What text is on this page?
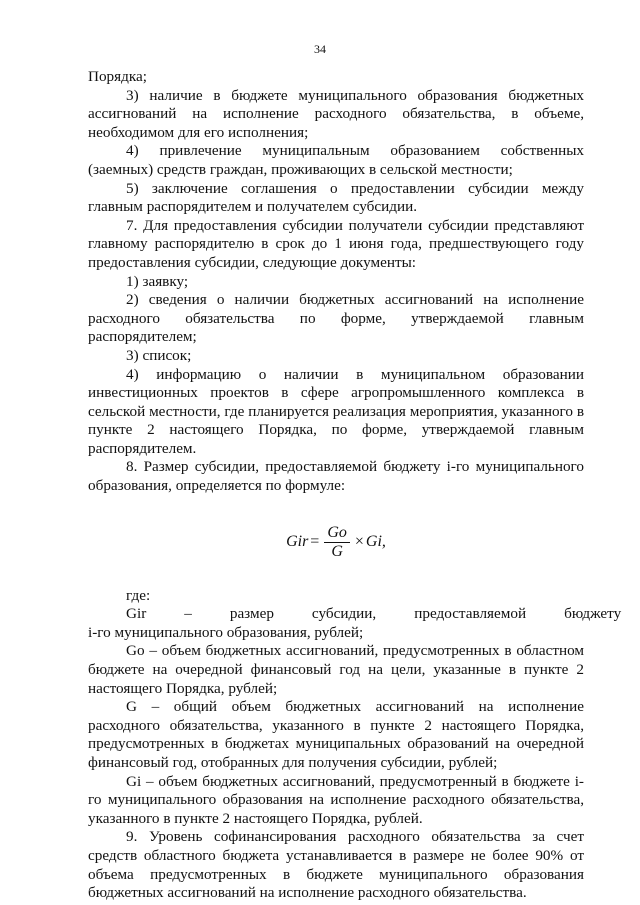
34

Порядка;

3) наличие в бюджете муниципального образования бюджетных ассигнований на исполнение расходного обязательства, в объеме, необходимом для его исполнения;

4) привлечение муниципальным образованием собственных (заемных) средств граждан, проживающих в сельской местности;

5) заключение соглашения о предоставлении субсидии между главным распорядителем и получателем субсидии.

7. Для предоставления субсидии получатели субсидии представляют главному распорядителю в срок до 1 июня года, предшествующего году предоставления субсидии, следующие документы:

1) заявку;

2) сведения о наличии бюджетных ассигнований на исполнение расходного обязательства по форме, утверждаемой главным распорядителем;

3) список;

4) информацию о наличии в муниципальном образовании инвестиционных проектов в сфере агропромышленного комплекса в сельской местности, где планируется реализация мероприятия, указанного в пункте 2 настоящего Порядка, по форме, утверждаемой главным распорядителем.

8. Размер субсидии, предоставляемой бюджету i-го муниципального образования, определяется по формуле:

Gir = $\frac{Go}{G} \times Gi$,

где:

Gir	–	размер	субсидии,	предоставляемой	бюджету

i-го муниципального образования, рублей;

Go – объем бюджетных ассигнований, предусмотренных в областном бюджете на очередной финансовый год на цели, указанные в пункте 2 настоящего Порядка, рублей;

G – общий объем бюджетных ассигнований на исполнение расходного обязательства, указанного в пункте 2 настоящего Порядка, предусмотренных в бюджетах муниципальных образований на очередной финансовый год, отобранных для получения субсидии, рублей;

Gi – объем бюджетных ассигнований, предусмотренный в бюджете i-го муниципального образования на исполнение расходного обязательства, указанного в пункте 2 настоящего Порядка, рублей.

9. Уровень софинансирования расходного обязательства за счет средств областного бюджета устанавливается в размере не более 90% от объема предусмотренных в бюджете муниципального образования бюджетных ассигнований на исполнение расходного обязательства.
